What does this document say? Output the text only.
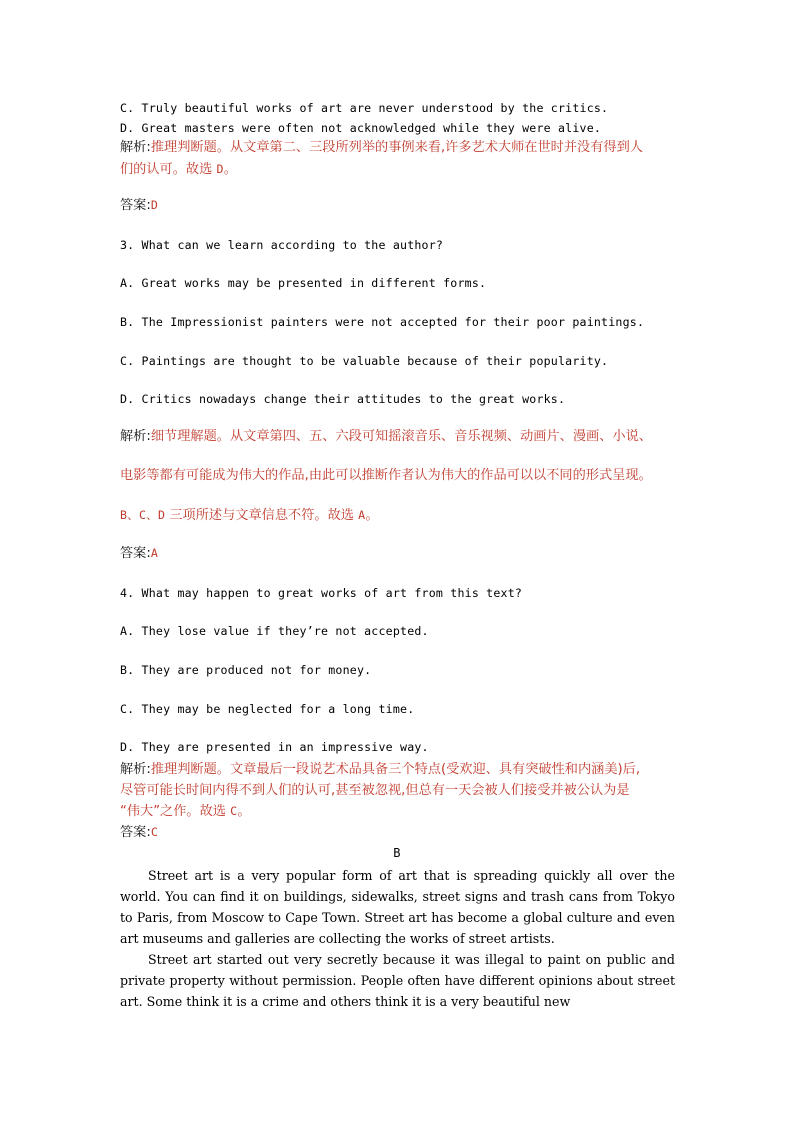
C. Truly beautiful works of art are never understood by the critics.
D. Great masters were often not acknowledged while they were alive.
解析:推理判断题。从文章第二、三段所列举的事例来看,许多艺术大师在世时并没有得到人
们的认可。故选 D。
答案:D
3. What can we learn according to the author?
A. Great works may be presented in different forms.
B. The Impressionist painters were not accepted for their poor paintings.
C. Paintings are thought to be valuable because of their popularity.
D. Critics nowadays change their attitudes to the great works.
解析:细节理解题。从文章第四、五、六段可知摇滚音乐、音乐视频、动画片、漫画、小说、
电影等都有可能成为伟大的作品,由此可以推断作者认为伟大的作品可以以不同的形式呈现。
B、C、D 三项所述与文章信息不符。故选 A。
答案:A
4. What may happen to great works of art from this text?
A. They lose value if they’re not accepted.
B. They are produced not for money.
C. They may be neglected for a long time.
D. They are presented in an impressive way.
解析:推理判断题。文章最后一段说艺术品具备三个特点(受欢迎、具有突破性和内涵美)后,
尽管可能长时间内得不到人们的认可,甚至被忽视,但总有一天会被人们接受并被公认为是
“伟大”之作。故选 C。
答案:C
B
Street art is a very popular form of art that is spreading quickly all over the world. You can find it on buildings, sidewalks, street signs and trash cans from Tokyo to Paris, from Moscow to Cape Town. Street art has become a global culture and even art museums and galleries are collecting the works of street artists.
Street art started out very secretly because it was illegal to paint on public and private property without permission. People often have different opinions about street art. Some think it is a crime and others think it is a very beautiful new
